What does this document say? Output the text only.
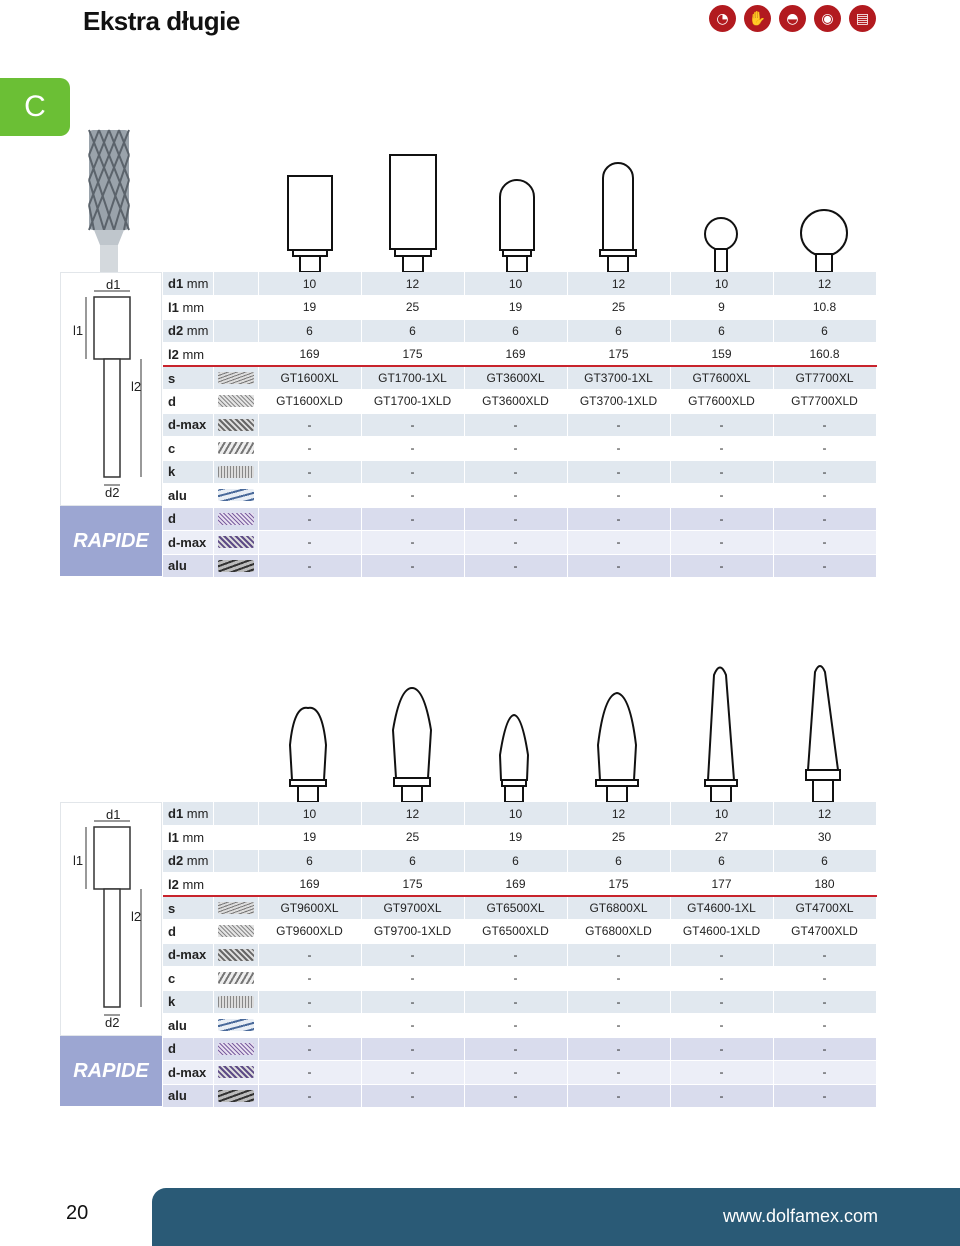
Ekstra długie	◔	✋	◓	◉	▤
C
d1
l1
l2
d2
RAPIDE
d1 mm		10	12	10	12	10	12
l1 mm		19	25	19	25	9	10.8
d2 mm		6	6	6	6	6	6
l2 mm		169	175	169	175	159	160.8
s		GT1600XL	GT1700-1XL	GT3600XL	GT3700-1XL	GT7600XL	GT7700XL
d		GT1600XLD	GT1700-1XLD	GT3600XLD	GT3700-1XLD	GT7600XLD	GT7700XLD
d-max		-	-	-	-	-	-
c		-	-	-	-	-	-
k		-	-	-	-	-	-
alu		-	-	-	-	-	-
d		-	-	-	-	-	-
d-max		-	-	-	-	-	-
alu		-	-	-	-	-	-
d1
l1
l2
d2
RAPIDE
d1 mm		10	12	10	12	10	12
l1 mm		19	25	19	25	27	30
d2 mm		6	6	6	6	6	6
l2 mm		169	175	169	175	177	180
s		GT9600XL	GT9700XL	GT6500XL	GT6800XL	GT4600-1XL	GT4700XL
d		GT9600XLD	GT9700-1XLD	GT6500XLD	GT6800XLD	GT4600-1XLD	GT4700XLD
d-max		-	-	-	-	-	-
c		-	-	-	-	-	-
k		-	-	-	-	-	-
alu		-	-	-	-	-	-
d		-	-	-	-	-	-
d-max		-	-	-	-	-	-
alu		-	-	-	-	-	-
20	www.dolfamex.com
